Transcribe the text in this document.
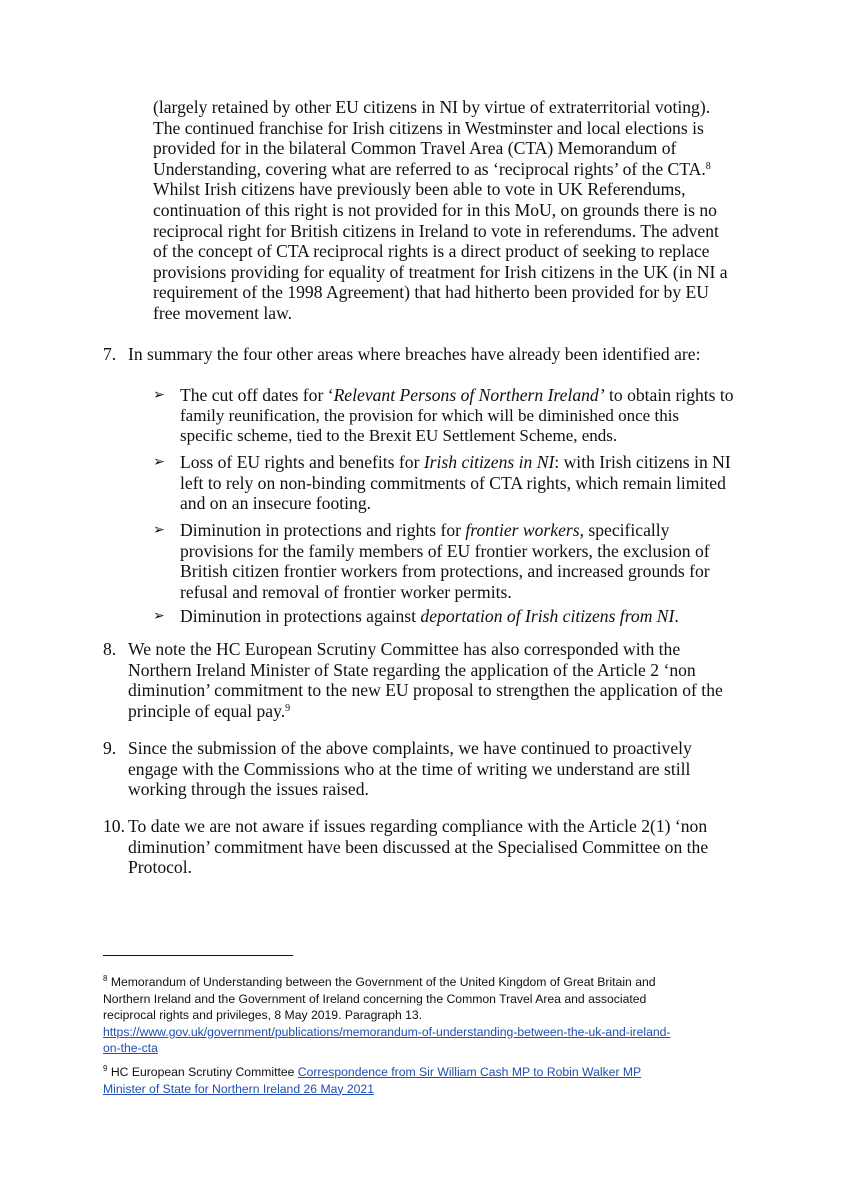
(largely retained by other EU citizens in NI by virtue of extraterritorial voting).
The continued franchise for Irish citizens in Westminster and local elections is
provided for in the bilateral Common Travel Area (CTA) Memorandum of
Understanding, covering what are referred to as ‘reciprocal rights’ of the CTA.$^8$
Whilst Irish citizens have previously been able to vote in UK Referendums,
continuation of this right is not provided for in this MoU, on grounds there is no
reciprocal right for British citizens in Ireland to vote in referendums. The advent
of the concept of CTA reciprocal rights is a direct product of seeking to replace
provisions providing for equality of treatment for Irish citizens in the UK (in NI a
requirement of the 1998 Agreement) that had hitherto been provided for by EU
free movement law.
7. In summary the four other areas where breaches have already been identified are:
➢ The cut off dates for ‘Relevant Persons of Northern Ireland’ to obtain rights to
family reunification, the provision for which will be diminished once this
specific scheme, tied to the Brexit EU Settlement Scheme, ends.
➢ Loss of EU rights and benefits for Irish citizens in NI: with Irish citizens in NI
left to rely on non-binding commitments of CTA rights, which remain limited
and on an insecure footing.
➢ Diminution in protections and rights for frontier workers, specifically
provisions for the family members of EU frontier workers, the exclusion of
British citizen frontier workers from protections, and increased grounds for
refusal and removal of frontier worker permits.
➢ Diminution in protections against deportation of Irish citizens from NI.
8. We note the HC European Scrutiny Committee has also corresponded with the
Northern Ireland Minister of State regarding the application of the Article 2 ‘non
diminution’ commitment to the new EU proposal to strengthen the application of the
principle of equal pay.$^9$
9. Since the submission of the above complaints, we have continued to proactively
engage with the Commissions who at the time of writing we understand are still
working through the issues raised.
10. To date we are not aware if issues regarding compliance with the Article 2(1) ‘non
diminution’ commitment have been discussed at the Specialised Committee on the
Protocol.
$^8$ Memorandum of Understanding between the Government of the United Kingdom of Great Britain and
Northern Ireland and the Government of Ireland concerning the Common Travel Area and associated
reciprocal rights and privileges, 8 May 2019. Paragraph 13.
https://www.gov.uk/government/publications/memorandum-of-understanding-between-the-uk-and-ireland-
on-the-cta
$^9$ HC European Scrutiny Committee Correspondence from Sir William Cash MP to Robin Walker MP
Minister of State for Northern Ireland 26 May 2021
